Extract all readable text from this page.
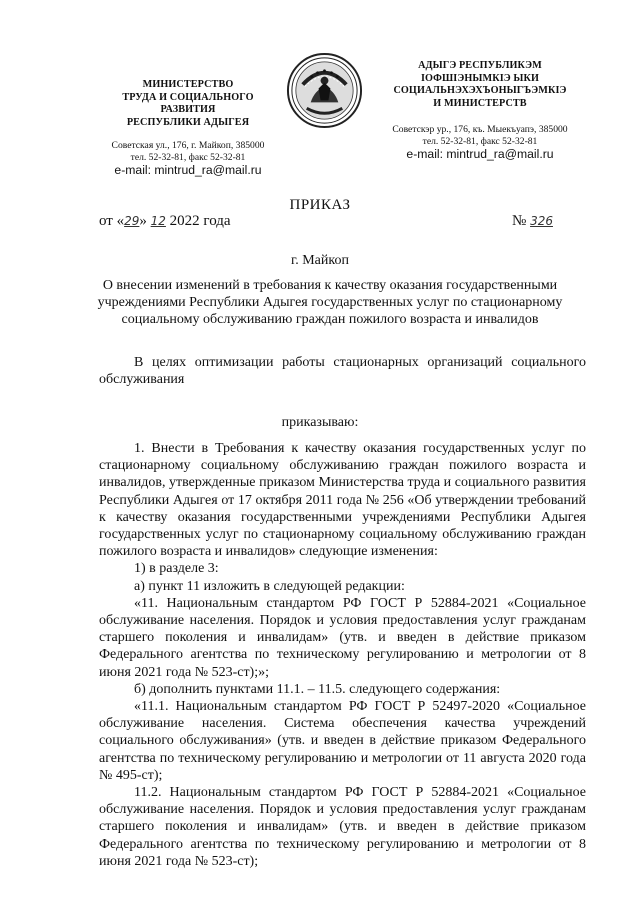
МИНИСТЕРСТВО
ТРУДА И СОЦИАЛЬНОГО
РАЗВИТИЯ
РЕСПУБЛИКИ АДЫГЕЯ
Советская ул., 176, г. Майкоп, 385000
тел. 52-32-81, факс 52-32-81
e-mail: mintrud_ra@mail.ru
АДЫГЭ РЕСПУБЛИКЭМ
ІОФШІЭНЫМКІЭ ЫКИ
СОЦИАЛЬНЭХЭХЪОНЫГЪЭМКІЭ
И МИНИСТЕРСТВ
Советскэр ур., 176, къ. Мыекъуапэ, 385000
тел. 52-32-81, факс 52-32-81
e-mail: mintrud_ra@mail.ru
ПРИКАЗ
от «29» 12 2022 года	№ 326
г. Майкоп
О внесении изменений в требования к качеству оказания государственными учреждениями Республики Адыгея государственных услуг по стационарному социальному обслуживанию граждан пожилого возраста и инвалидов
В целях оптимизации работы стационарных организаций социального обслуживания
приказываю:

1. Внести в Требования к качеству оказания государственных услуг по стационарному социальному обслуживанию граждан пожилого возраста и инвалидов, утвержденные приказом Министерства труда и социального развития Республики Адыгея от 17 октября 2011 года № 256 «Об утверждении требований к качеству оказания государственными учреждениями Республики Адыгея государственных услуг по стационарному социальному обслуживанию граждан пожилого возраста и инвалидов» следующие изменения:

1) в разделе 3:

а) пункт 11 изложить в следующей редакции:

«11. Национальным стандартом РФ ГОСТ Р 52884-2021 «Социальное обслуживание населения. Порядок и условия предоставления услуг гражданам старшего поколения и инвалидам» (утв. и введен в действие приказом Федерального агентства по техническому регулированию и метрологии от 8 июня 2021 года № 523-ст);»;

б) дополнить пунктами 11.1. – 11.5. следующего содержания:

«11.1. Национальным стандартом РФ ГОСТ Р 52497-2020 «Социальное обслуживание населения. Система обеспечения качества учреждений социального обслуживания» (утв. и введен в действие приказом Федерального агентства по техническому регулированию и метрологии от 11 августа 2020 года № 495-ст);

11.2. Национальным стандартом РФ ГОСТ Р 52884-2021 «Социальное обслуживание населения. Порядок и условия предоставления услуг гражданам старшего поколения и инвалидам» (утв. и введен в действие приказом Федерального агентства по техническому регулированию и метрологии от 8 июня 2021 года № 523-ст);
